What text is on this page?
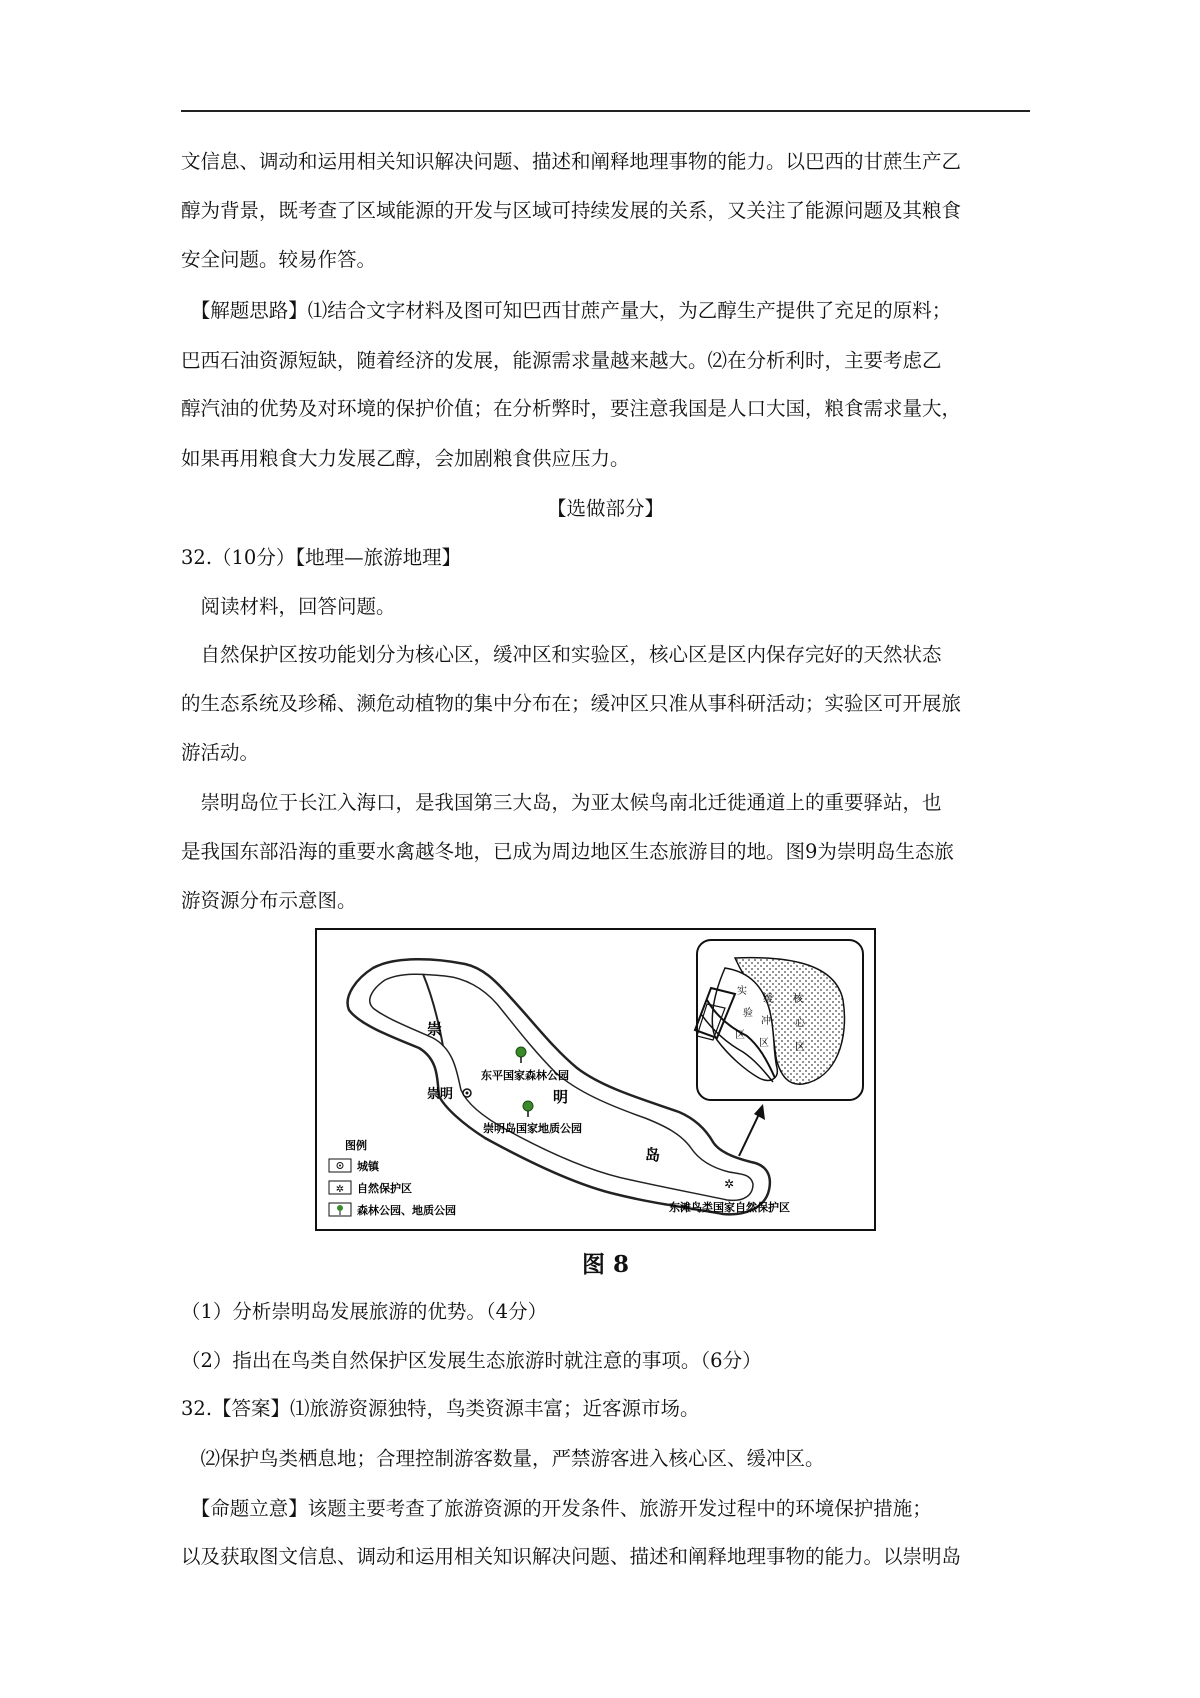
文信息、调动和运用相关知识解决问题、描述和阐释地理事物的能力。以巴西的甘蔗生产乙
醇为背景，既考查了区域能源的开发与区域可持续发展的关系，又关注了能源问题及其粮食
安全问题。较易作答。
　【解题思路】⑴结合文字材料及图可知巴西甘蔗产量大，为乙醇生产提供了充足的原料；
巴西石油资源短缺，随着经济的发展，能源需求量越来越大。⑵在分析利时，主要考虑乙
醇汽油的优势及对环境的保护价值；在分析弊时，要注意我国是人口大国，粮食需求量大，
如果再用粮食大力发展乙醇，会加剧粮食供应压力。
【选做部分】
32.（10分）【地理—旅游地理】
　阅读材料，回答问题。
　自然保护区按功能划分为核心区，缓冲区和实验区，核心区是区内保存完好的天然状态
的生态系统及珍稀、濒危动植物的集中分布在；缓冲区只准从事科研活动；实验区可开展旅
游活动。
　崇明岛位于长江入海口，是我国第三大岛，为亚太候鸟南北迁徙通道上的重要驿站，也
是我国东部沿海的重要水禽越冬地，已成为周边地区生态旅游目的地。图9为崇明岛生态旅
游资源分布示意图。
崇
明
岛
崇明
东平国家森林公园
崇明岛国家地质公园
✲
东滩鸟类国家自然保护区
图例
城镇
✲ 自然保护区
森林公园、地质公园
实
验
区
缓
冲
区
核
心
区
图 8
（1）分析崇明岛发展旅游的优势。（4分）
（2）指出在鸟类自然保护区发展生态旅游时就注意的事项。（6分）
32.【答案】⑴旅游资源独特，鸟类资源丰富；近客源市场。
　⑵保护鸟类栖息地；合理控制游客数量，严禁游客进入核心区、缓冲区。
　【命题立意】该题主要考查了旅游资源的开发条件、旅游开发过程中的环境保护措施；
以及获取图文信息、调动和运用相关知识解决问题、描述和阐释地理事物的能力。以崇明岛
